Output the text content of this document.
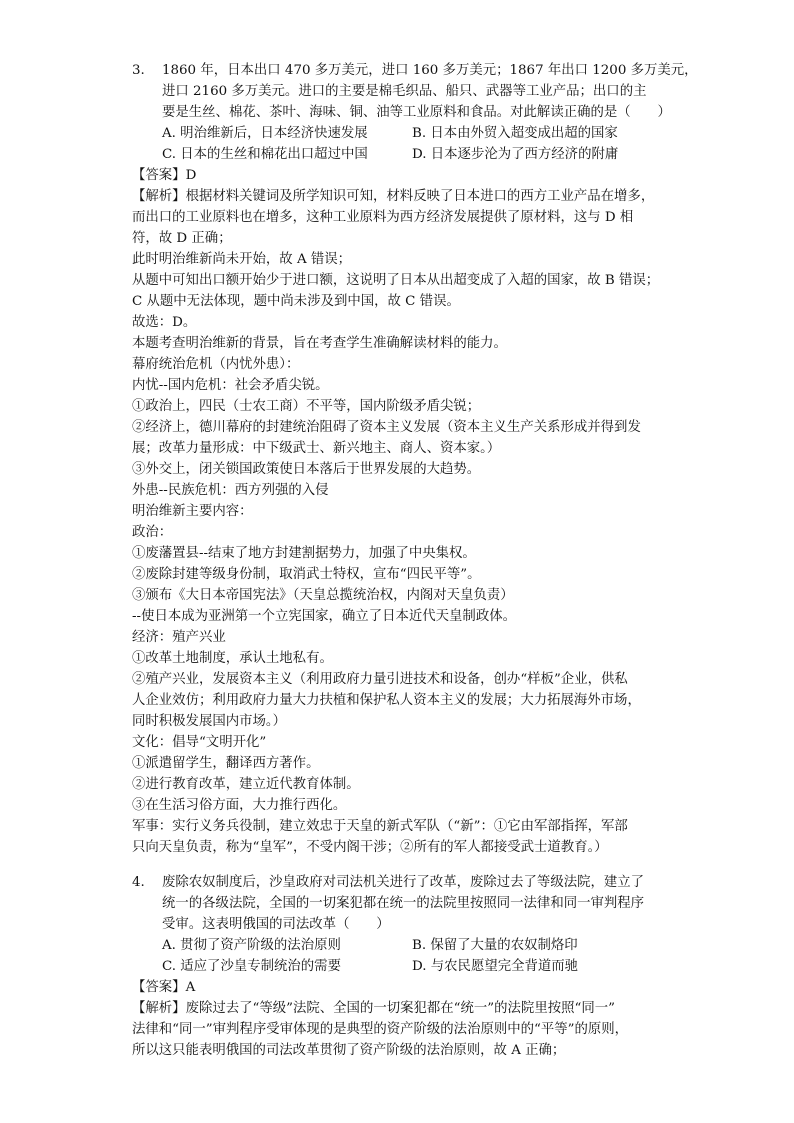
3. 1860 年，日本出口 470 多万美元，进口 160 多万美元；1867 年出口 1200 多万美元，
进口 2160 多万美元。进口的主要是棉毛织品、船只、武器等工业产品；出口的主
要是生丝、棉花、茶叶、海味、铜、油等工业原料和食品。对此解读正确的是（　　）
A. 明治维新后，日本经济快速发展	B. 日本由外贸入超变成出超的国家
C. 日本的生丝和棉花出口超过中国	D. 日本逐步沦为了西方经济的附庸
【答案】D
【解析】根据材料关键词及所学知识可知，材料反映了日本进口的西方工业产品在增多，
而出口的工业原料也在增多，这种工业原料为西方经济发展提供了原材料，这与 D 相
符，故 D 正确；
此时明治维新尚未开始，故 A 错误；
从题中可知出口额开始少于进口额，这说明了日本从出超变成了入超的国家，故 B 错误；
C 从题中无法体现，题中尚未涉及到中国，故 C 错误。
故选：D。
本题考查明治维新的背景，旨在考查学生准确解读材料的能力。
幕府统治危机（内忧外患）：
内忧--国内危机：社会矛盾尖锐。
①政治上，四民（士农工商）不平等，国内阶级矛盾尖锐；
②经济上，德川幕府的封建统治阻碍了资本主义发展（资本主义生产关系形成并得到发
展；改革力量形成：中下级武士、新兴地主、商人、资本家。）
③外交上，闭关锁国政策使日本落后于世界发展的大趋势。
外患--民族危机：西方列强的入侵
明治维新主要内容：
政治：
①废藩置县--结束了地方封建割据势力，加强了中央集权。
②废除封建等级身份制，取消武士特权，宣布“四民平等”。
③颁布《大日本帝国宪法》（天皇总揽统治权，内阁对天皇负责）
--使日本成为亚洲第一个立宪国家，确立了日本近代天皇制政体。
经济：殖产兴业
①改革土地制度，承认土地私有。
②殖产兴业，发展资本主义（利用政府力量引进技术和设备，创办“样板”企业，供私
人企业效仿；利用政府力量大力扶植和保护私人资本主义的发展；大力拓展海外市场，
同时积极发展国内市场。）
文化：倡导“文明开化”
①派遣留学生，翻译西方著作。
②进行教育改革，建立近代教育体制。
③在生活习俗方面，大力推行西化。
军事：实行义务兵役制，建立效忠于天皇的新式军队（“新”：①它由军部指挥，军部
只向天皇负责，称为“皇军”，不受内阁干涉；②所有的军人都接受武士道教育。）
4. 废除农奴制度后，沙皇政府对司法机关进行了改革，废除过去了等级法院，建立了
统一的各级法院，全国的一切案犯都在统一的法院里按照同一法律和同一审判程序
受审。这表明俄国的司法改革（　　）
A. 贯彻了资产阶级的法治原则	B. 保留了大量的农奴制烙印
C. 适应了沙皇专制统治的需要	D. 与农民愿望完全背道而驰
【答案】A
【解析】废除过去了“等级”法院、全国的一切案犯都在“统一”的法院里按照“同一”
法律和“同一”审判程序受审体现的是典型的资产阶级的法治原则中的“平等”的原则，
所以这只能表明俄国的司法改革贯彻了资产阶级的法治原则，故 A 正确；
